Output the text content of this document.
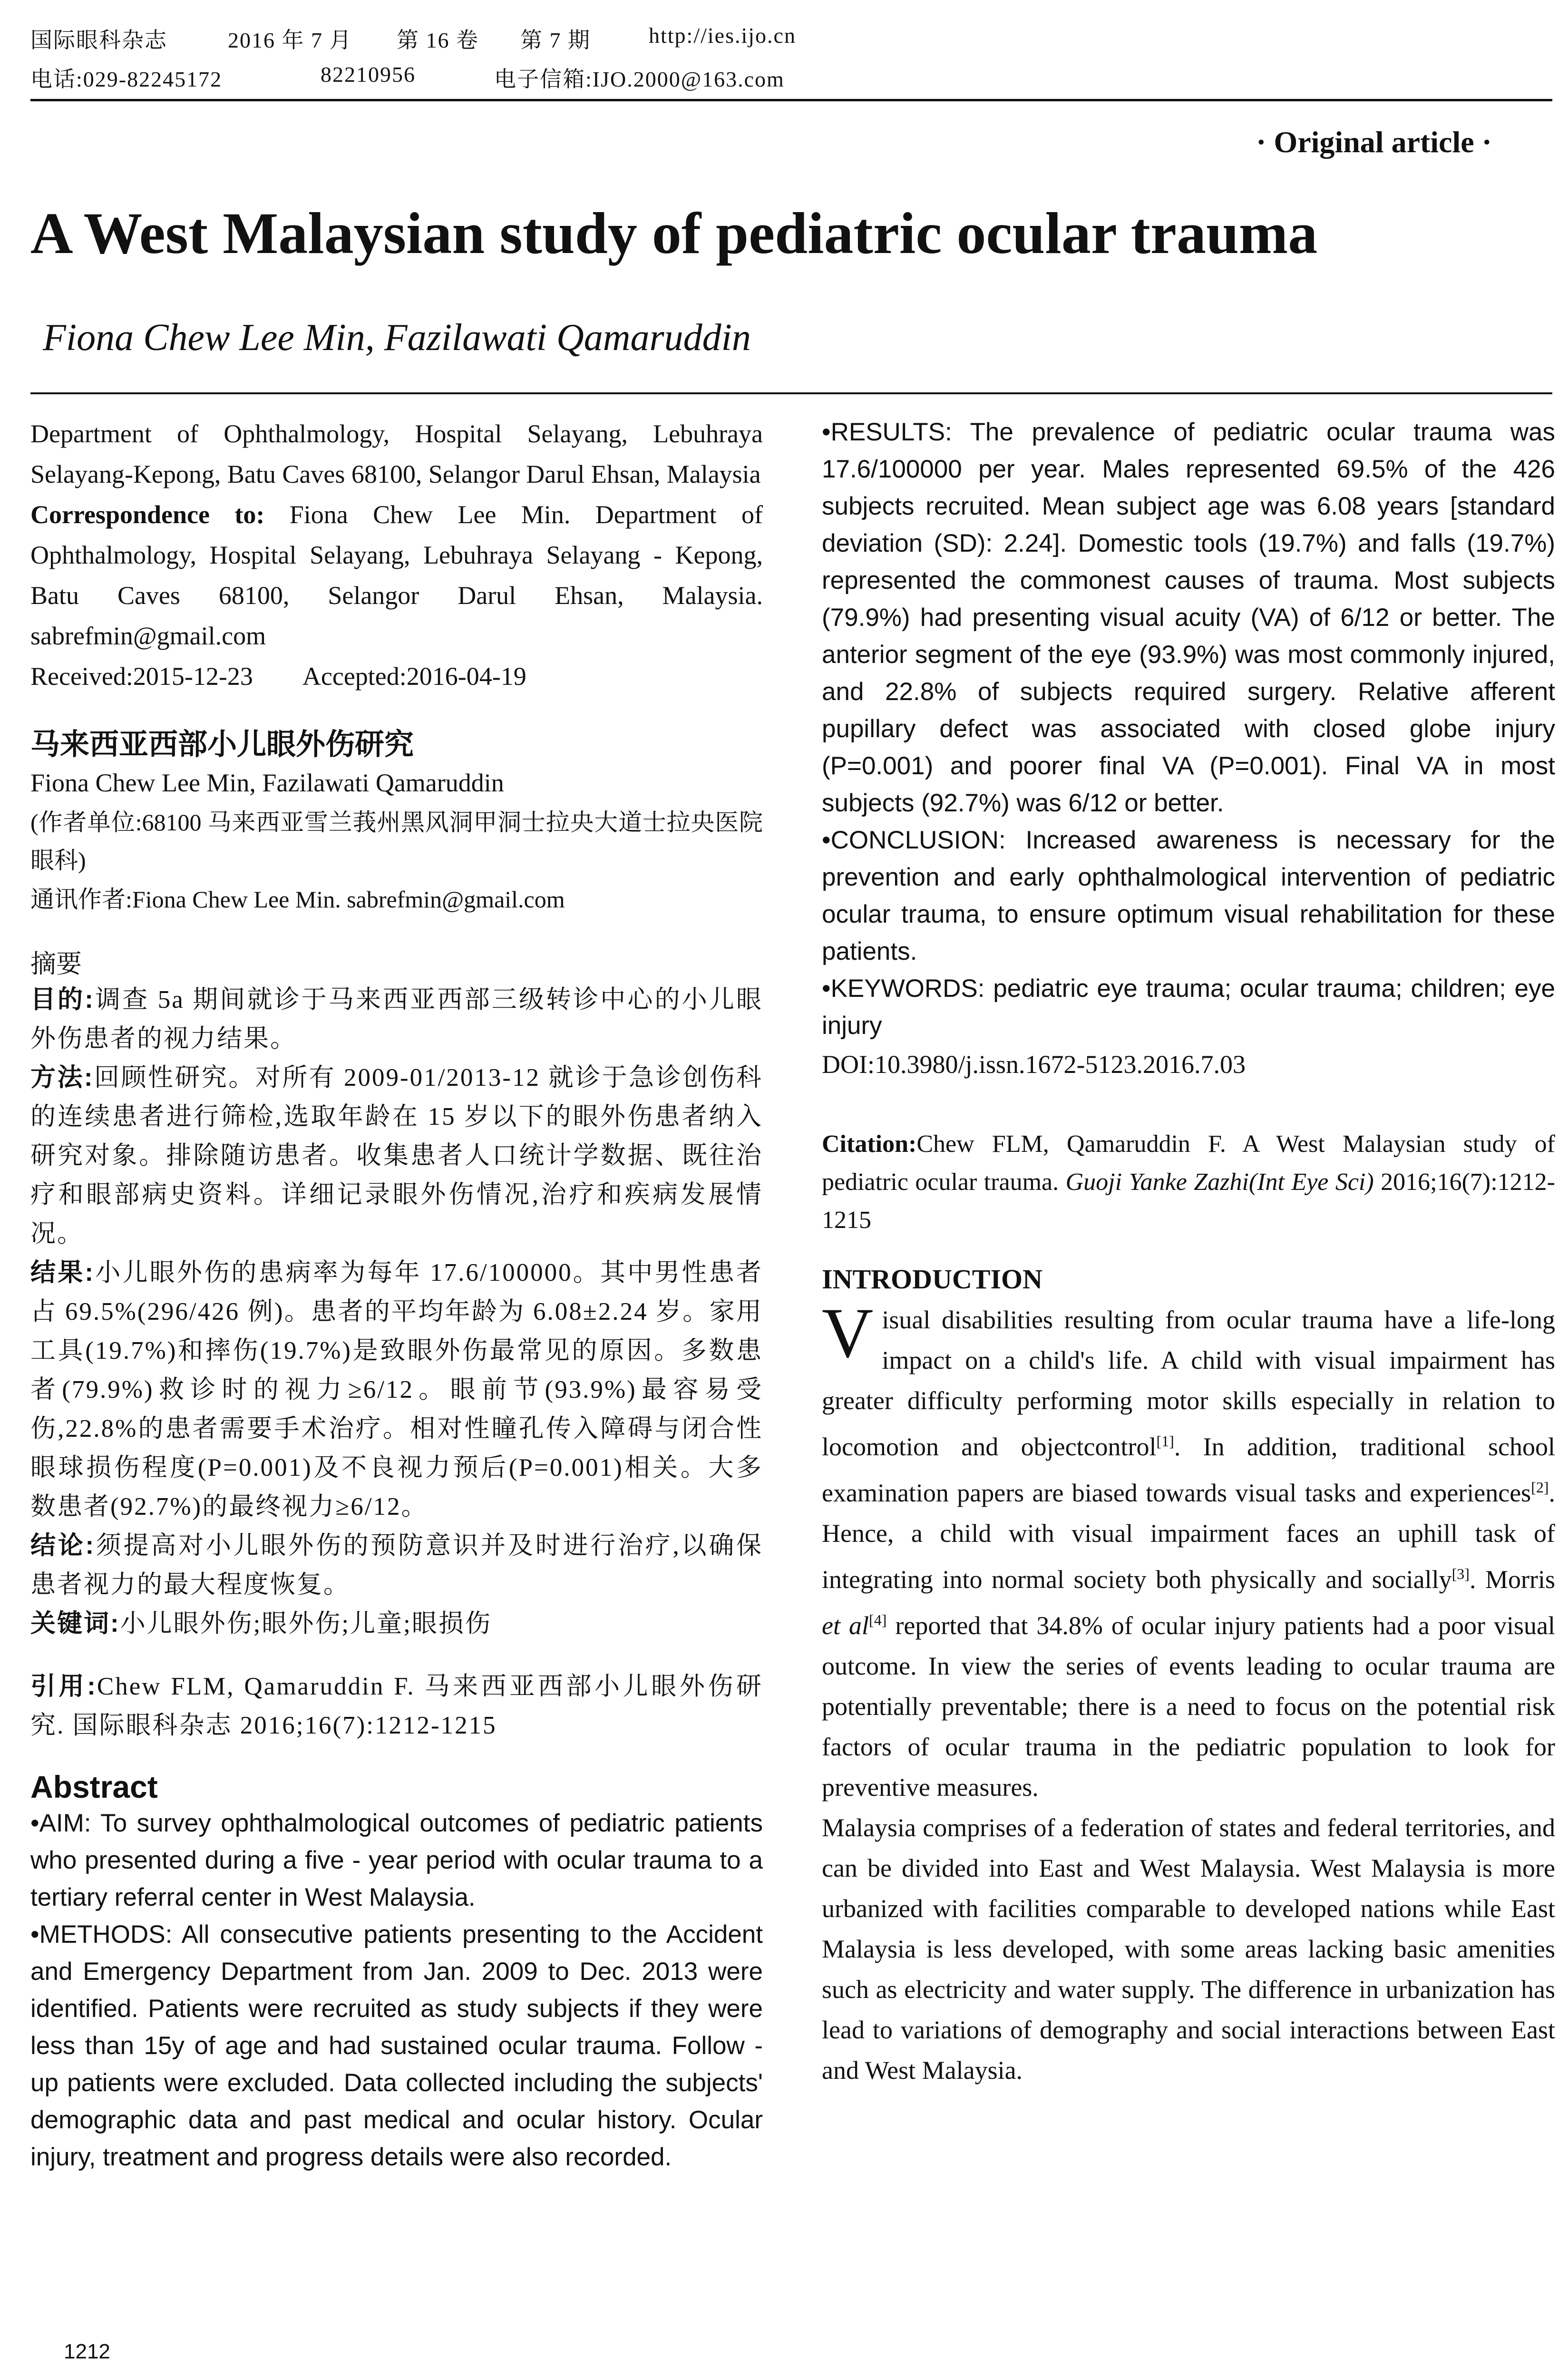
国际眼科杂志	2016 年 7 月 第 16 卷 第 7 期	http://ies.ijo.cn
电话:029-82245172	82210956	电子信箱:IJO.2000@163.com
· Original article ·
A West Malaysian study of pediatric ocular trauma
Fiona Chew Lee Min, Fazilawati Qamaruddin

Department of Ophthalmology, Hospital Selayang, Lebuhraya Selayang-Kepong, Batu Caves 68100, Selangor Darul Ehsan, Malaysia

Correspondence to: Fiona Chew Lee Min. Department of Ophthalmology, Hospital Selayang, Lebuhraya Selayang - Kepong, Batu Caves 68100, Selangor Darul Ehsan, Malaysia. sabrefmin@gmail.com

Received:2015-12-23 Accepted:2016-04-19

马来西亚西部小儿眼外伤研究

Fiona Chew Lee Min, Fazilawati Qamaruddin

(作者单位:68100 马来西亚雪兰莪州黑风洞甲洞士拉央大道士拉央医院眼科)

通讯作者:Fiona Chew Lee Min. sabrefmin@gmail.com

摘要

目的:调查 5a 期间就诊于马来西亚西部三级转诊中心的小儿眼外伤患者的视力结果。

方法:回顾性研究。对所有 2009-01/2013-12 就诊于急诊创伤科的连续患者进行筛检,选取年龄在 15 岁以下的眼外伤患者纳入研究对象。排除随访患者。收集患者人口统计学数据、既往治疗和眼部病史资料。详细记录眼外伤情况,治疗和疾病发展情况。

结果:小儿眼外伤的患病率为每年 17.6/100000。其中男性患者占 69.5%(296/426 例)。患者的平均年龄为 6.08±2.24 岁。家用工具(19.7%)和摔伤(19.7%)是致眼外伤最常见的原因。多数患者(79.9%)救诊时的视力≥6/12。眼前节(93.9%)最容易受伤,22.8%的患者需要手术治疗。相对性瞳孔传入障碍与闭合性眼球损伤程度(P=0.001)及不良视力预后(P=0.001)相关。大多数患者(92.7%)的最终视力≥6/12。

结论:须提高对小儿眼外伤的预防意识并及时进行治疗,以确保患者视力的最大程度恢复。

关键词:小儿眼外伤;眼外伤;儿童;眼损伤

引用:Chew FLM, Qamaruddin F. 马来西亚西部小儿眼外伤研究. 国际眼科杂志 2016;16(7):1212-1215

Abstract

•AIM: To survey ophthalmological outcomes of pediatric patients who presented during a five - year period with ocular trauma to a tertiary referral center in West Malaysia.

•METHODS: All consecutive patients presenting to the Accident and Emergency Department from Jan. 2009 to Dec. 2013 were identified. Patients were recruited as study subjects if they were less than 15y of age and had sustained ocular trauma. Follow - up patients were excluded. Data collected including the subjects' demographic data and past medical and ocular history. Ocular injury, treatment and progress details were also recorded.

•RESULTS: The prevalence of pediatric ocular trauma was 17.6/100000 per year. Males represented 69.5% of the 426 subjects recruited. Mean subject age was 6.08 years [standard deviation (SD): 2.24]. Domestic tools (19.7%) and falls (19.7%) represented the commonest causes of trauma. Most subjects (79.9%) had presenting visual acuity (VA) of 6/12 or better. The anterior segment of the eye (93.9%) was most commonly injured, and 22.8% of subjects required surgery. Relative afferent pupillary defect was associated with closed globe injury (P=0.001) and poorer final VA (P=0.001). Final VA in most subjects (92.7%) was 6/12 or better.

•CONCLUSION: Increased awareness is necessary for the prevention and early ophthalmological intervention of pediatric ocular trauma, to ensure optimum visual rehabilitation for these patients.

•KEYWORDS: pediatric eye trauma; ocular trauma; children; eye injury

DOI:10.3980/j.issn.1672-5123.2016.7.03

Citation:Chew FLM, Qamaruddin F. A West Malaysian study of pediatric ocular trauma. Guoji Yanke Zazhi(Int Eye Sci) 2016;16(7):1212-1215

INTRODUCTION

Visual disabilities resulting from ocular trauma have a life-long impact on a child's life. A child with visual impairment has greater difficulty performing motor skills especially in relation to locomotion and objectcontrol[1]. In addition, traditional school examination papers are biased towards visual tasks and experiences[2]. Hence, a child with visual impairment faces an uphill task of integrating into normal society both physically and socially[3]. Morris et al[4] reported that 34.8% of ocular injury patients had a poor visual outcome. In view the series of events leading to ocular trauma are potentially preventable; there is a need to focus on the potential risk factors of ocular trauma in the pediatric population to look for preventive measures.

Malaysia comprises of a federation of states and federal territories, and can be divided into East and West Malaysia. West Malaysia is more urbanized with facilities comparable to developed nations while East Malaysia is less developed, with some areas lacking basic amenities such as electricity and water supply. The difference in urbanization has lead to variations of demography and social interactions between East and West Malaysia.

1212
